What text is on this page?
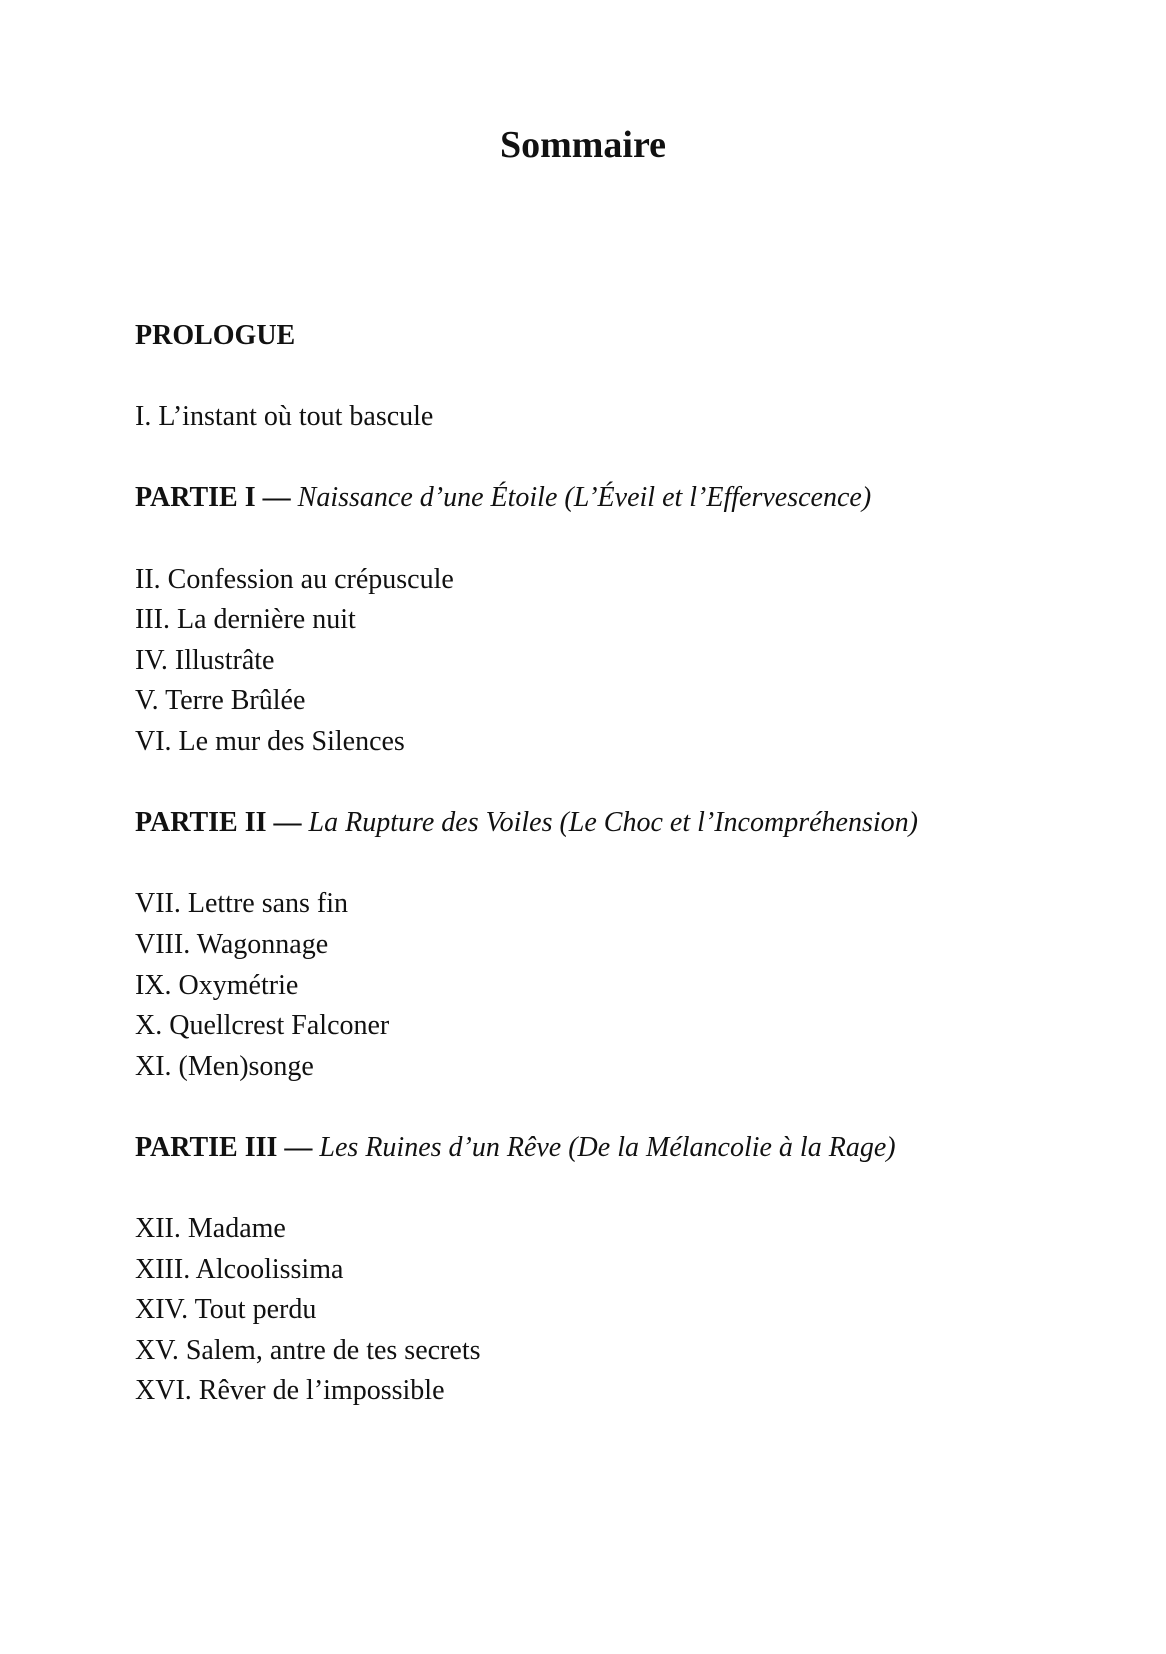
Sommaire
PROLOGUE
I. L’instant où tout bascule
PARTIE I — Naissance d’une Étoile (L’Éveil et l’Effervescence)
II. Confession au crépuscule
III. La dernière nuit
IV. Illustrâte
V. Terre Brûlée
VI. Le mur des Silences
PARTIE II — La Rupture des Voiles (Le Choc et l’Incompréhension)
VII. Lettre sans fin
VIII. Wagonnage
IX. Oxymétrie
X. Quellcrest Falconer
XI. (Men)songe
PARTIE III — Les Ruines d’un Rêve (De la Mélancolie à la Rage)
XII. Madame
XIII. Alcoolissima
XIV. Tout perdu
XV. Salem, antre de tes secrets
XVI. Rêver de l’impossible
